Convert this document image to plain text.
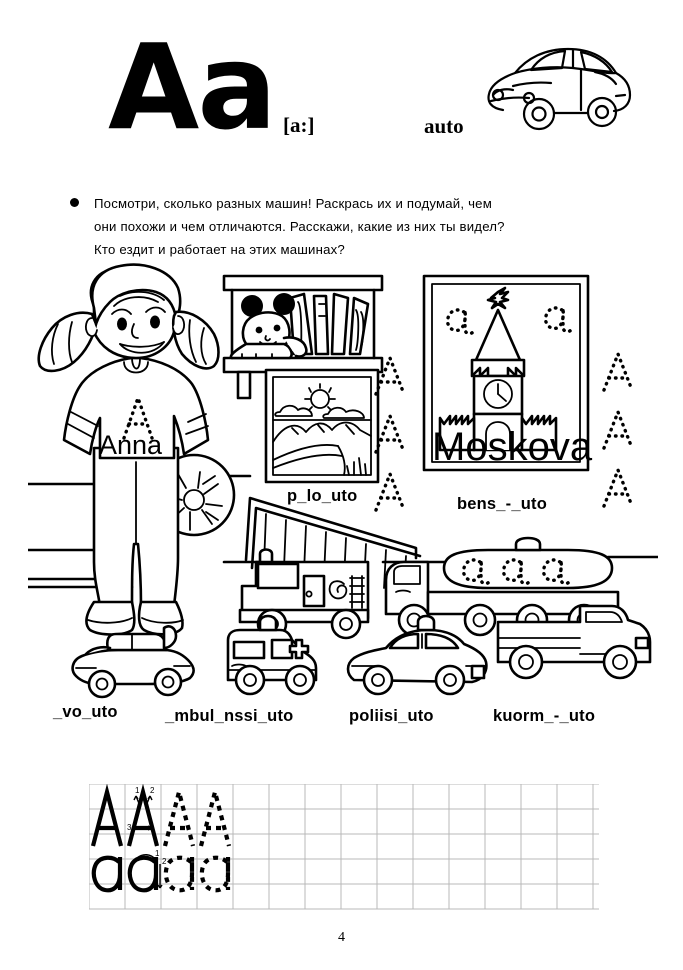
Aa [a:]	auto
Посмотри, сколько разных машин! Раскрась их и подумай, чем
они похожи и чем отличаются. Расскажи, какие из них ты видел?
Кто ездит и работает на этих машинах?
Anna	Moskova
p_lo_uto	bens_-_uto
_vo_uto	_mbul_nssi_uto	poliisi_uto	kuorm_-_uto
1 2
3
1
2
4
